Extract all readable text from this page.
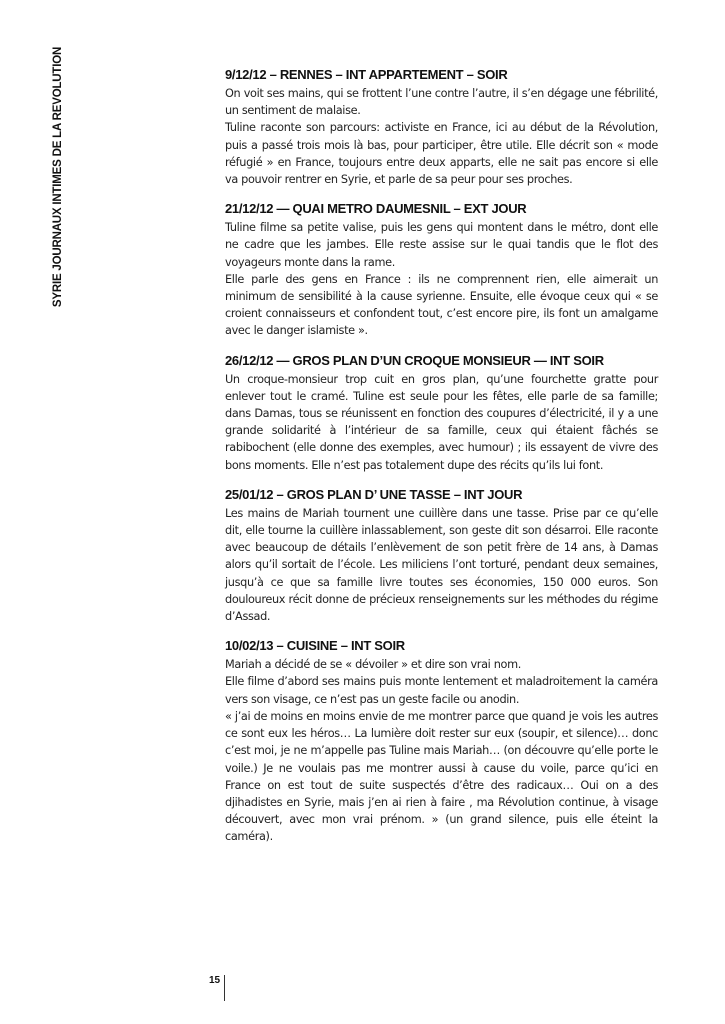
SYRIE JOURNAUX INTIMES DE LA REVOLUTION	9/12/12 – RENNES – INT APPARTEMENT – SOIR

On voit ses mains, qui se frottent l’une contre l’autre, il s’en dégage une fébrilité, un sentiment de malaise.

Tuline raconte son parcours: activiste en France, ici au début de la Révolution, puis a passé trois mois là bas, pour participer, être utile. Elle décrit son « mode réfugié » en France, toujours entre deux apparts, elle ne sait pas encore si elle va pouvoir rentrer en Syrie, et parle de sa peur pour ses proches.

21/12/12 — QUAI METRO DAUMESNIL – EXT JOUR

Tuline filme sa petite valise, puis les gens qui montent dans le métro, dont elle ne cadre que les jambes. Elle reste assise sur le quai tandis que le flot des voyageurs monte dans la rame.

Elle parle des gens en France : ils ne comprennent rien, elle aimerait un minimum de sensibilité à la cause syrienne. Ensuite, elle évoque ceux qui « se croient connaisseurs et confondent tout, c’est encore pire, ils font un amalgame avec le danger islamiste ».

26/12/12 — GROS PLAN D’UN CROQUE MONSIEUR — INT SOIR

Un croque-monsieur trop cuit en gros plan, qu’une fourchette gratte pour enlever tout le cramé. Tuline est seule pour les fêtes, elle parle de sa famille; dans Damas, tous se réunissent en fonction des coupures d’électricité, il y a une grande solidarité à l’intérieur de sa famille, ceux qui étaient fâchés se rabibochent (elle donne des exemples, avec humour) ; ils essayent de vivre des bons moments. Elle n’est pas totalement dupe des récits qu’ils lui font.

25/01/12 – GROS PLAN D’ UNE TASSE – INT JOUR

Les mains de Mariah tournent une cuillère dans une tasse. Prise par ce qu’elle dit, elle tourne la cuillère inlassablement, son geste dit son désarroi. Elle raconte avec beaucoup de détails l’enlèvement de son petit frère de 14 ans, à Damas alors qu’il sortait de l’école. Les miliciens l’ont torturé, pendant deux semaines, jusqu’à ce que sa famille livre toutes ses économies, 150 000 euros. Son douloureux récit donne de précieux renseignements sur les méthodes du régime d’Assad.

10/02/13 – CUISINE – INT SOIR

Mariah a décidé de se « dévoiler » et dire son vrai nom.

Elle filme d’abord ses mains puis monte lentement et maladroitement la caméra vers son visage, ce n’est pas un geste facile ou anodin.

« j’ai de moins en moins envie de me montrer parce que quand je vois les autres ce sont eux les héros… La lumière doit rester sur eux (soupir, et silence)… donc c’est moi, je ne m’appelle pas Tuline mais Mariah… (on découvre qu’elle porte le voile.) Je ne voulais pas me montrer aussi à cause du voile, parce qu’ici en France on est tout de suite suspectés d’être des radicaux… Oui on a des djihadistes en Syrie, mais j’en ai rien à faire , ma Révolution continue, à visage découvert, avec mon vrai prénom. » (un grand silence, puis elle éteint la caméra).

15
